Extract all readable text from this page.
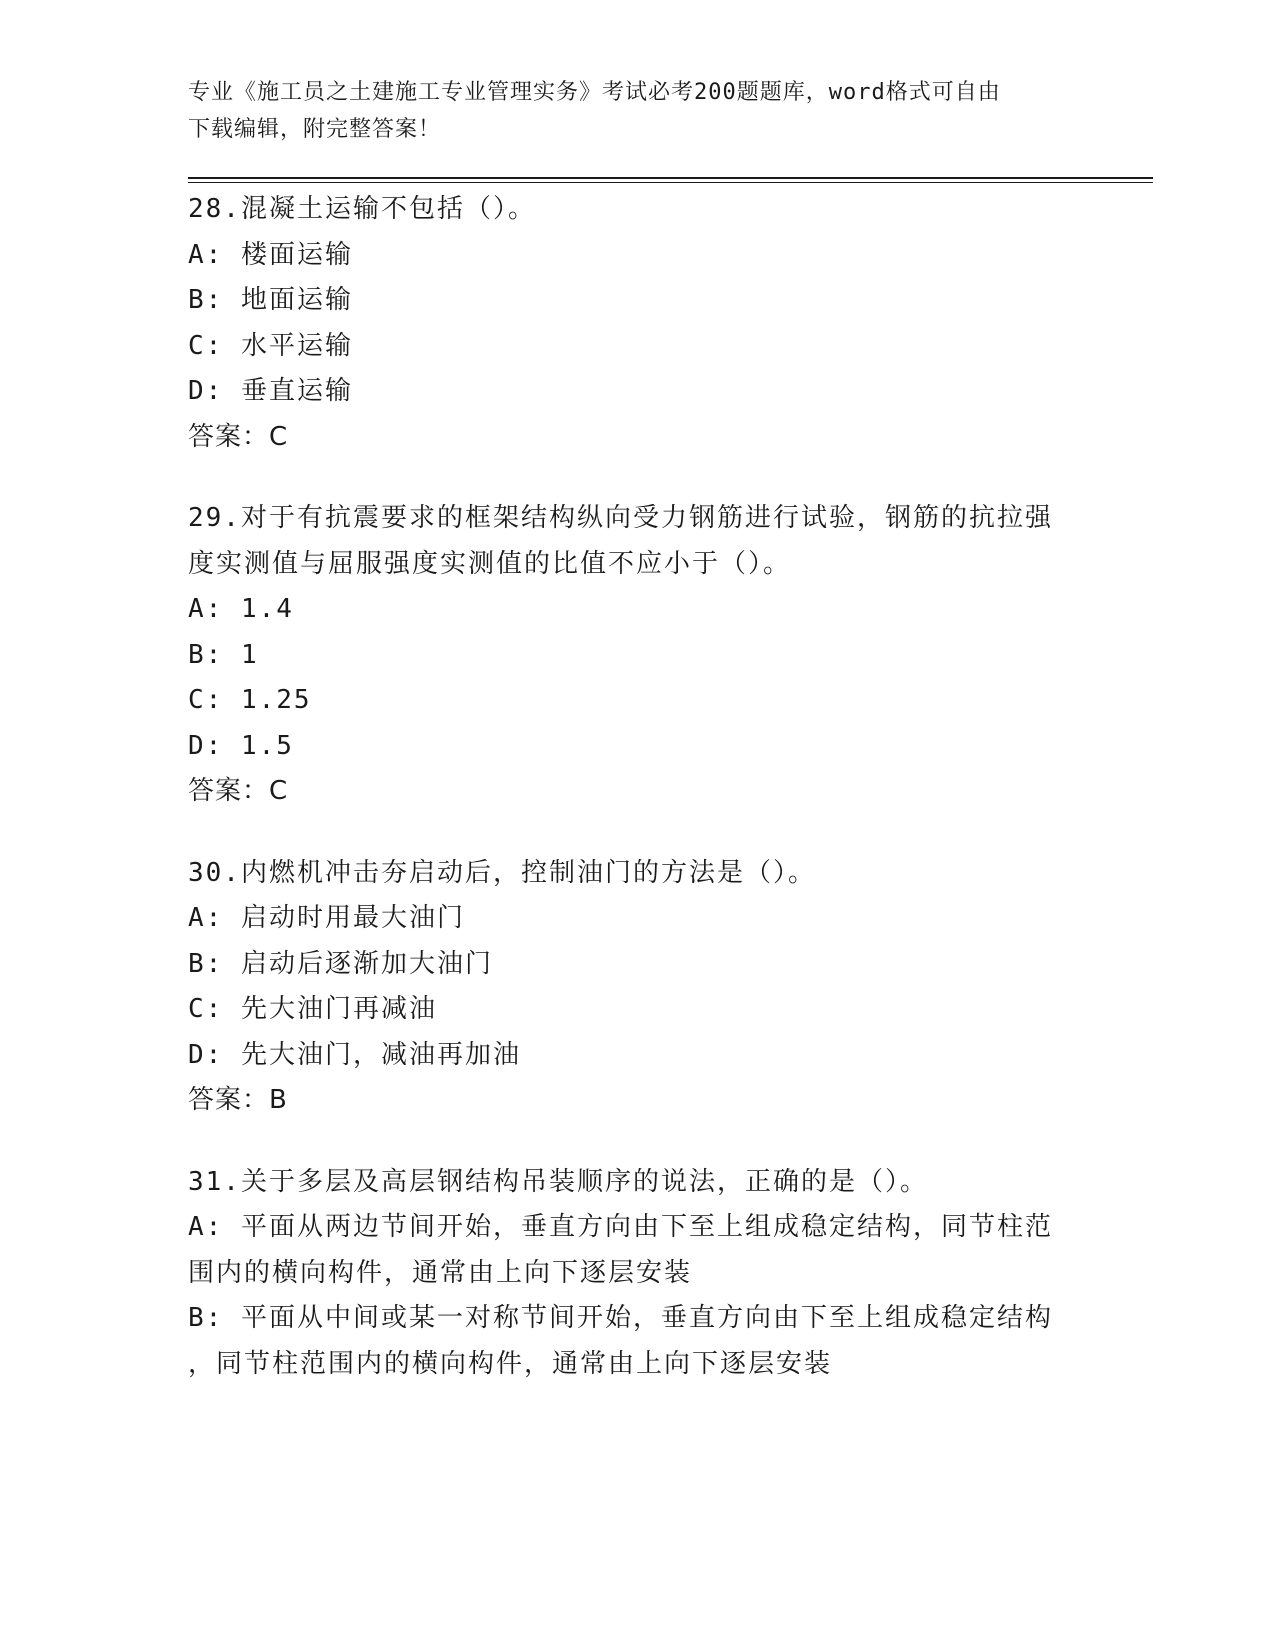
专业《施工员之土建施工专业管理实务》考试必考200题题库，word格式可自由
下载编辑，附完整答案！

28.混凝土运输不包括（）。

A: 楼面运输

B: 地面运输

C: 水平运输

D: 垂直运输

答案：C

29.对于有抗震要求的框架结构纵向受力钢筋进行试验，钢筋的抗拉强

度实测值与屈服强度实测值的比值不应小于（）。

A: 1.4

B: 1

C: 1.25

D: 1.5

答案：C

30.内燃机冲击夯启动后，控制油门的方法是（）。

A: 启动时用最大油门

B: 启动后逐渐加大油门

C: 先大油门再减油

D: 先大油门，减油再加油

答案：B

31.关于多层及高层钢结构吊装顺序的说法，正确的是（）。

A: 平面从两边节间开始，垂直方向由下至上组成稳定结构，同节柱范

围内的横向构件，通常由上向下逐层安装

B: 平面从中间或某一对称节间开始，垂直方向由下至上组成稳定结构

，同节柱范围内的横向构件，通常由上向下逐层安装
